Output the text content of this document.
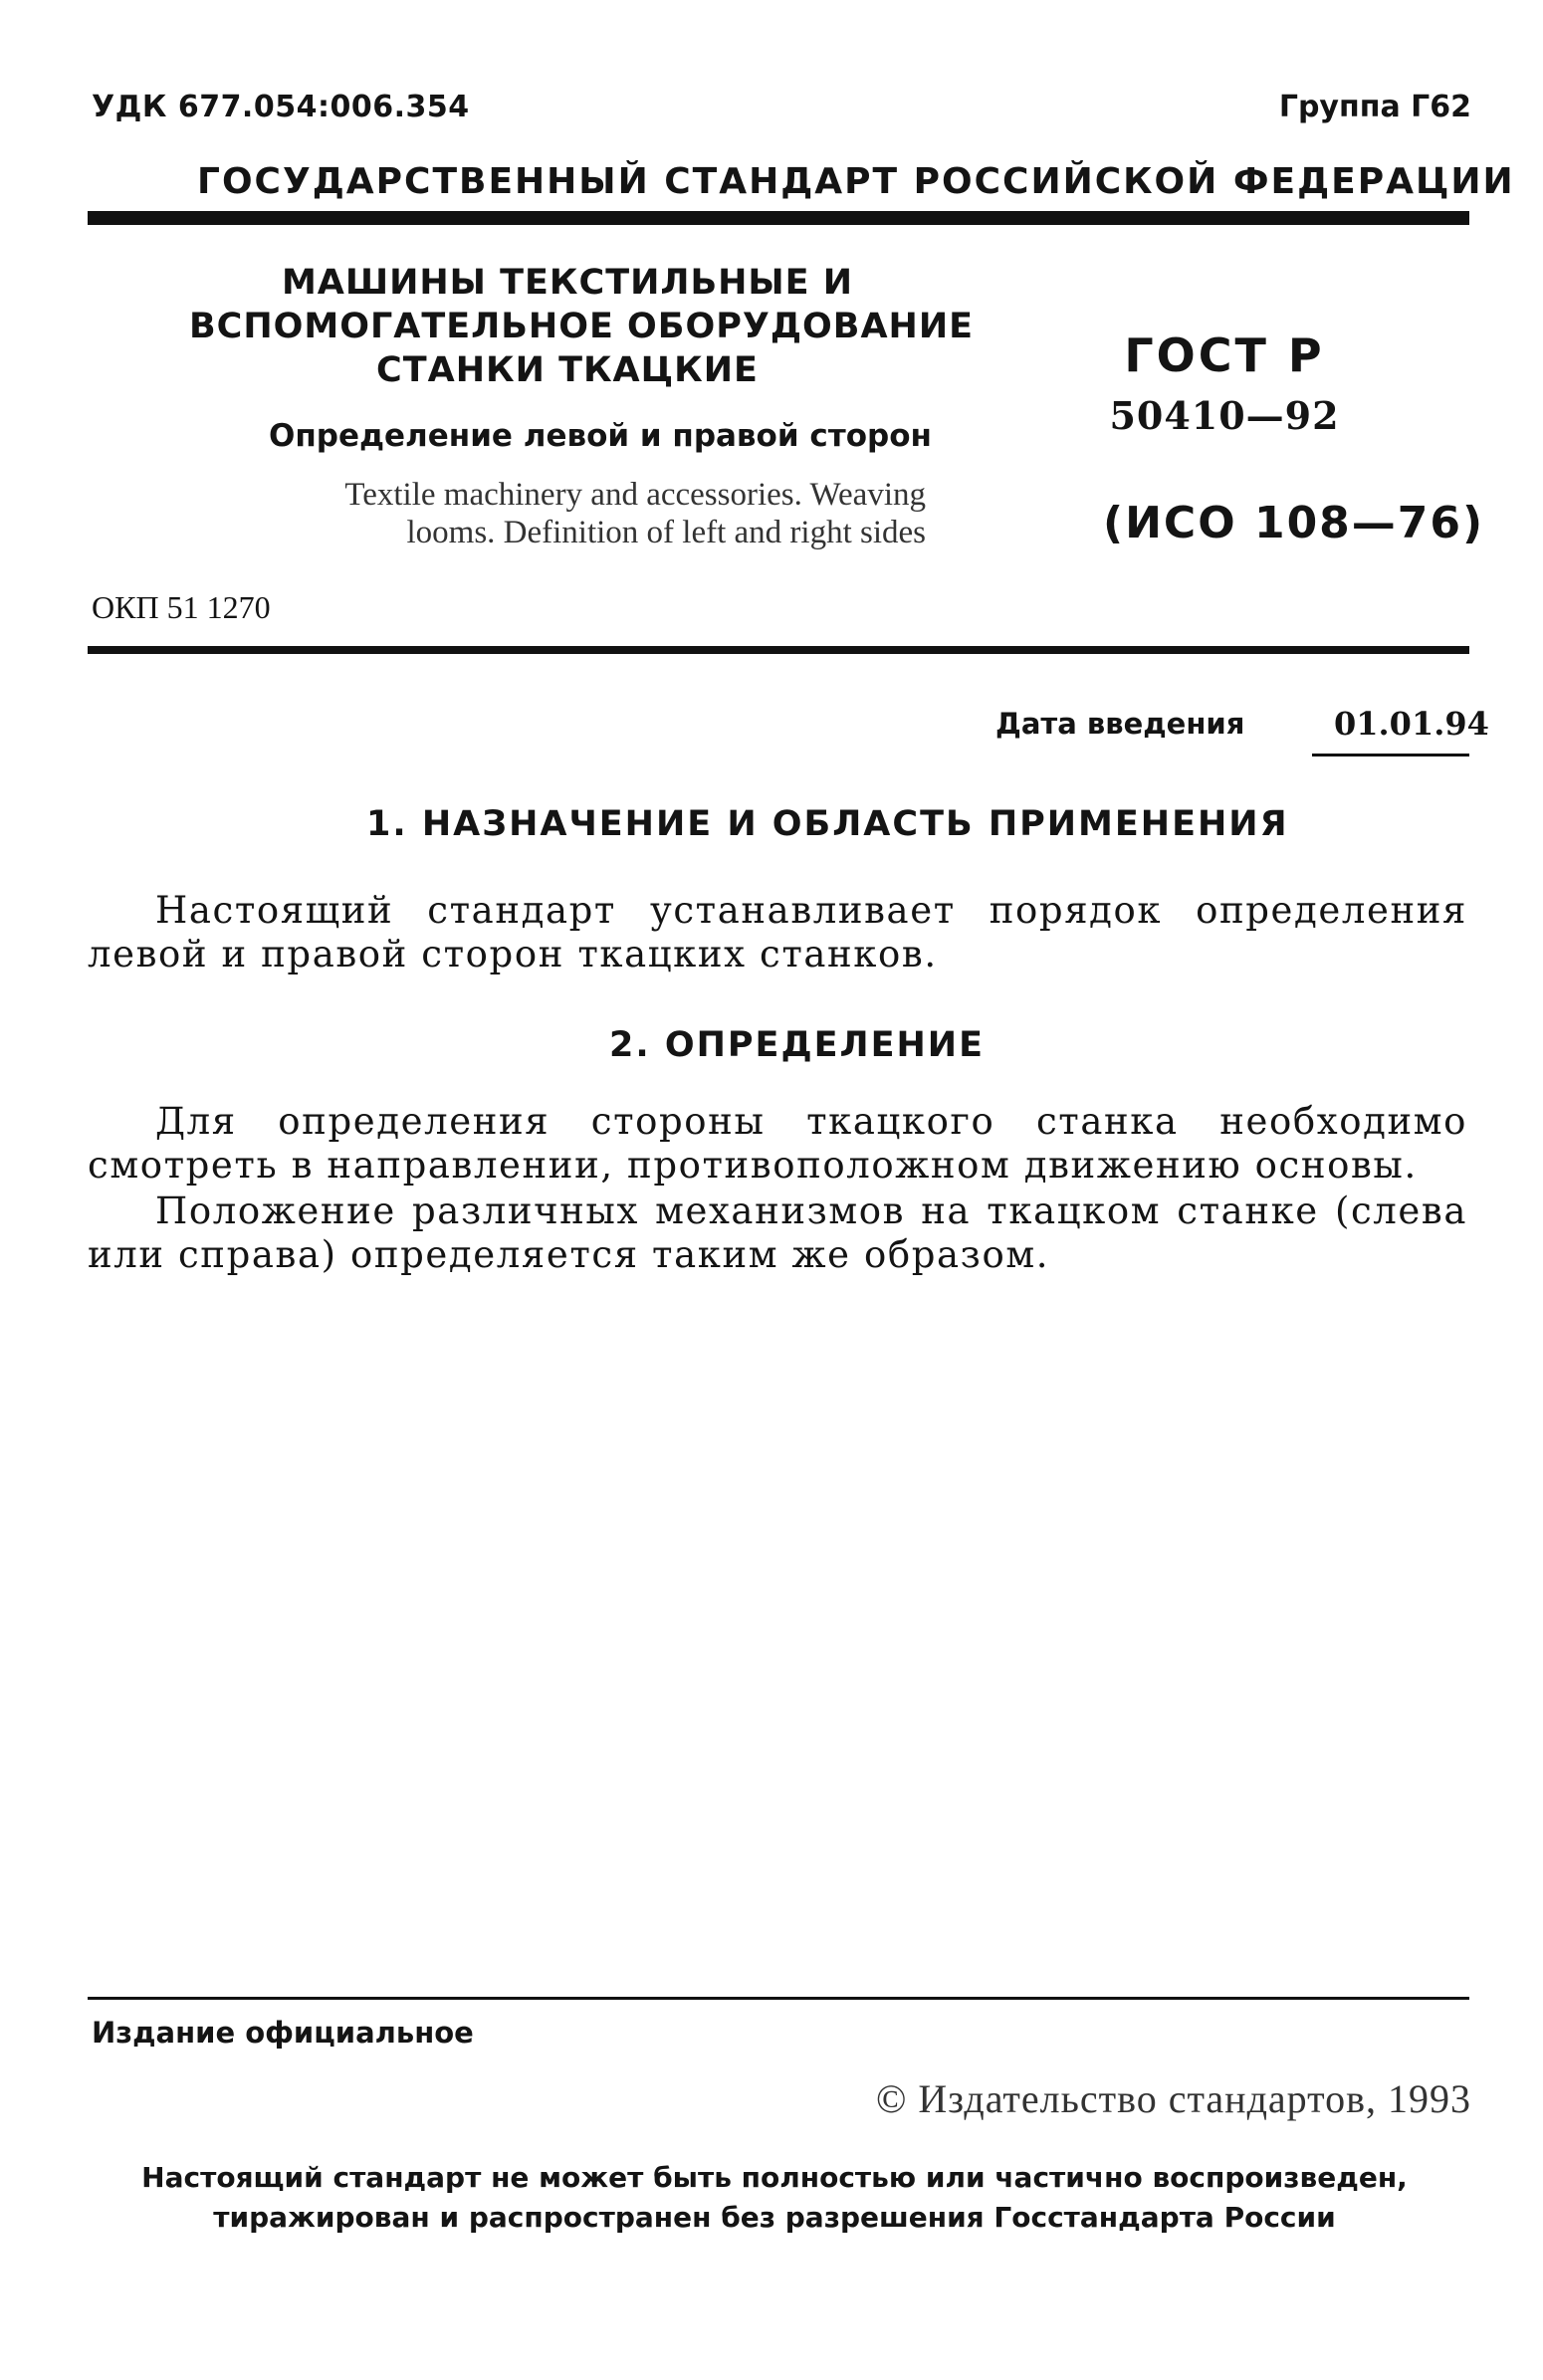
УДК 677.054:006.354	Группа Г62
ГОСУДАРСТВЕННЫЙ СТАНДАРТ РОССИЙСКОЙ ФЕДЕРАЦИИ
МАШИНЫ ТЕКСТИЛЬНЫЕ И
ВСПОМОГАТЕЛЬНОЕ ОБОРУДОВАНИЕ
СТАНКИ ТКАЦКИЕ
Определение левой и правой сторон
Textile machinery and accessories. Weaving
looms. Definition of left and right sides
ГОСТ Р
50410—92
(ИСО 108—76)
ОКП 51 1270
Дата введения	01.01.94
1. НАЗНАЧЕНИЕ И ОБЛАСТЬ ПРИМЕНЕНИЯ
Настоящий стандарт устанавливает порядок определения левой и правой сторон ткацких станков.
2. ОПРЕДЕЛЕНИЕ
Для определения стороны ткацкого станка необходимо смотреть в направлении, противоположном движению основы.
Положение различных механизмов на ткацком станке (слева или справа) определяется таким же образом.
Издание официальное
© Издательство стандартов, 1993
Настоящий стандарт не может быть полностью или частично воспроизведен,
тиражирован и распространен без разрешения Госстандарта России
